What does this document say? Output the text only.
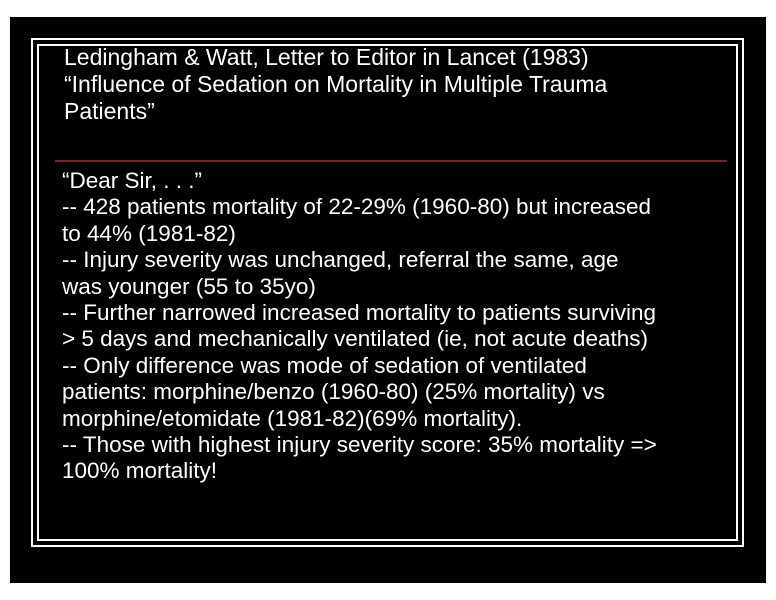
Ledingham & Watt, Letter to Editor in Lancet (1983)
“Influence of Sedation on Mortality in Multiple Trauma
Patients”
“Dear Sir, . . .”
-- 428 patients mortality of 22-29% (1960-80) but increased
to 44% (1981-82)
-- Injury severity was unchanged, referral the same, age
was younger (55 to 35yo)
-- Further narrowed increased mortality to patients surviving
> 5 days and mechanically ventilated (ie, not acute deaths)
-- Only difference was mode of sedation of ventilated
patients: morphine/benzo (1960-80) (25% mortality) vs
morphine/etomidate (1981-82)(69% mortality).
-- Those with highest injury severity score: 35% mortality =>
100% mortality!
